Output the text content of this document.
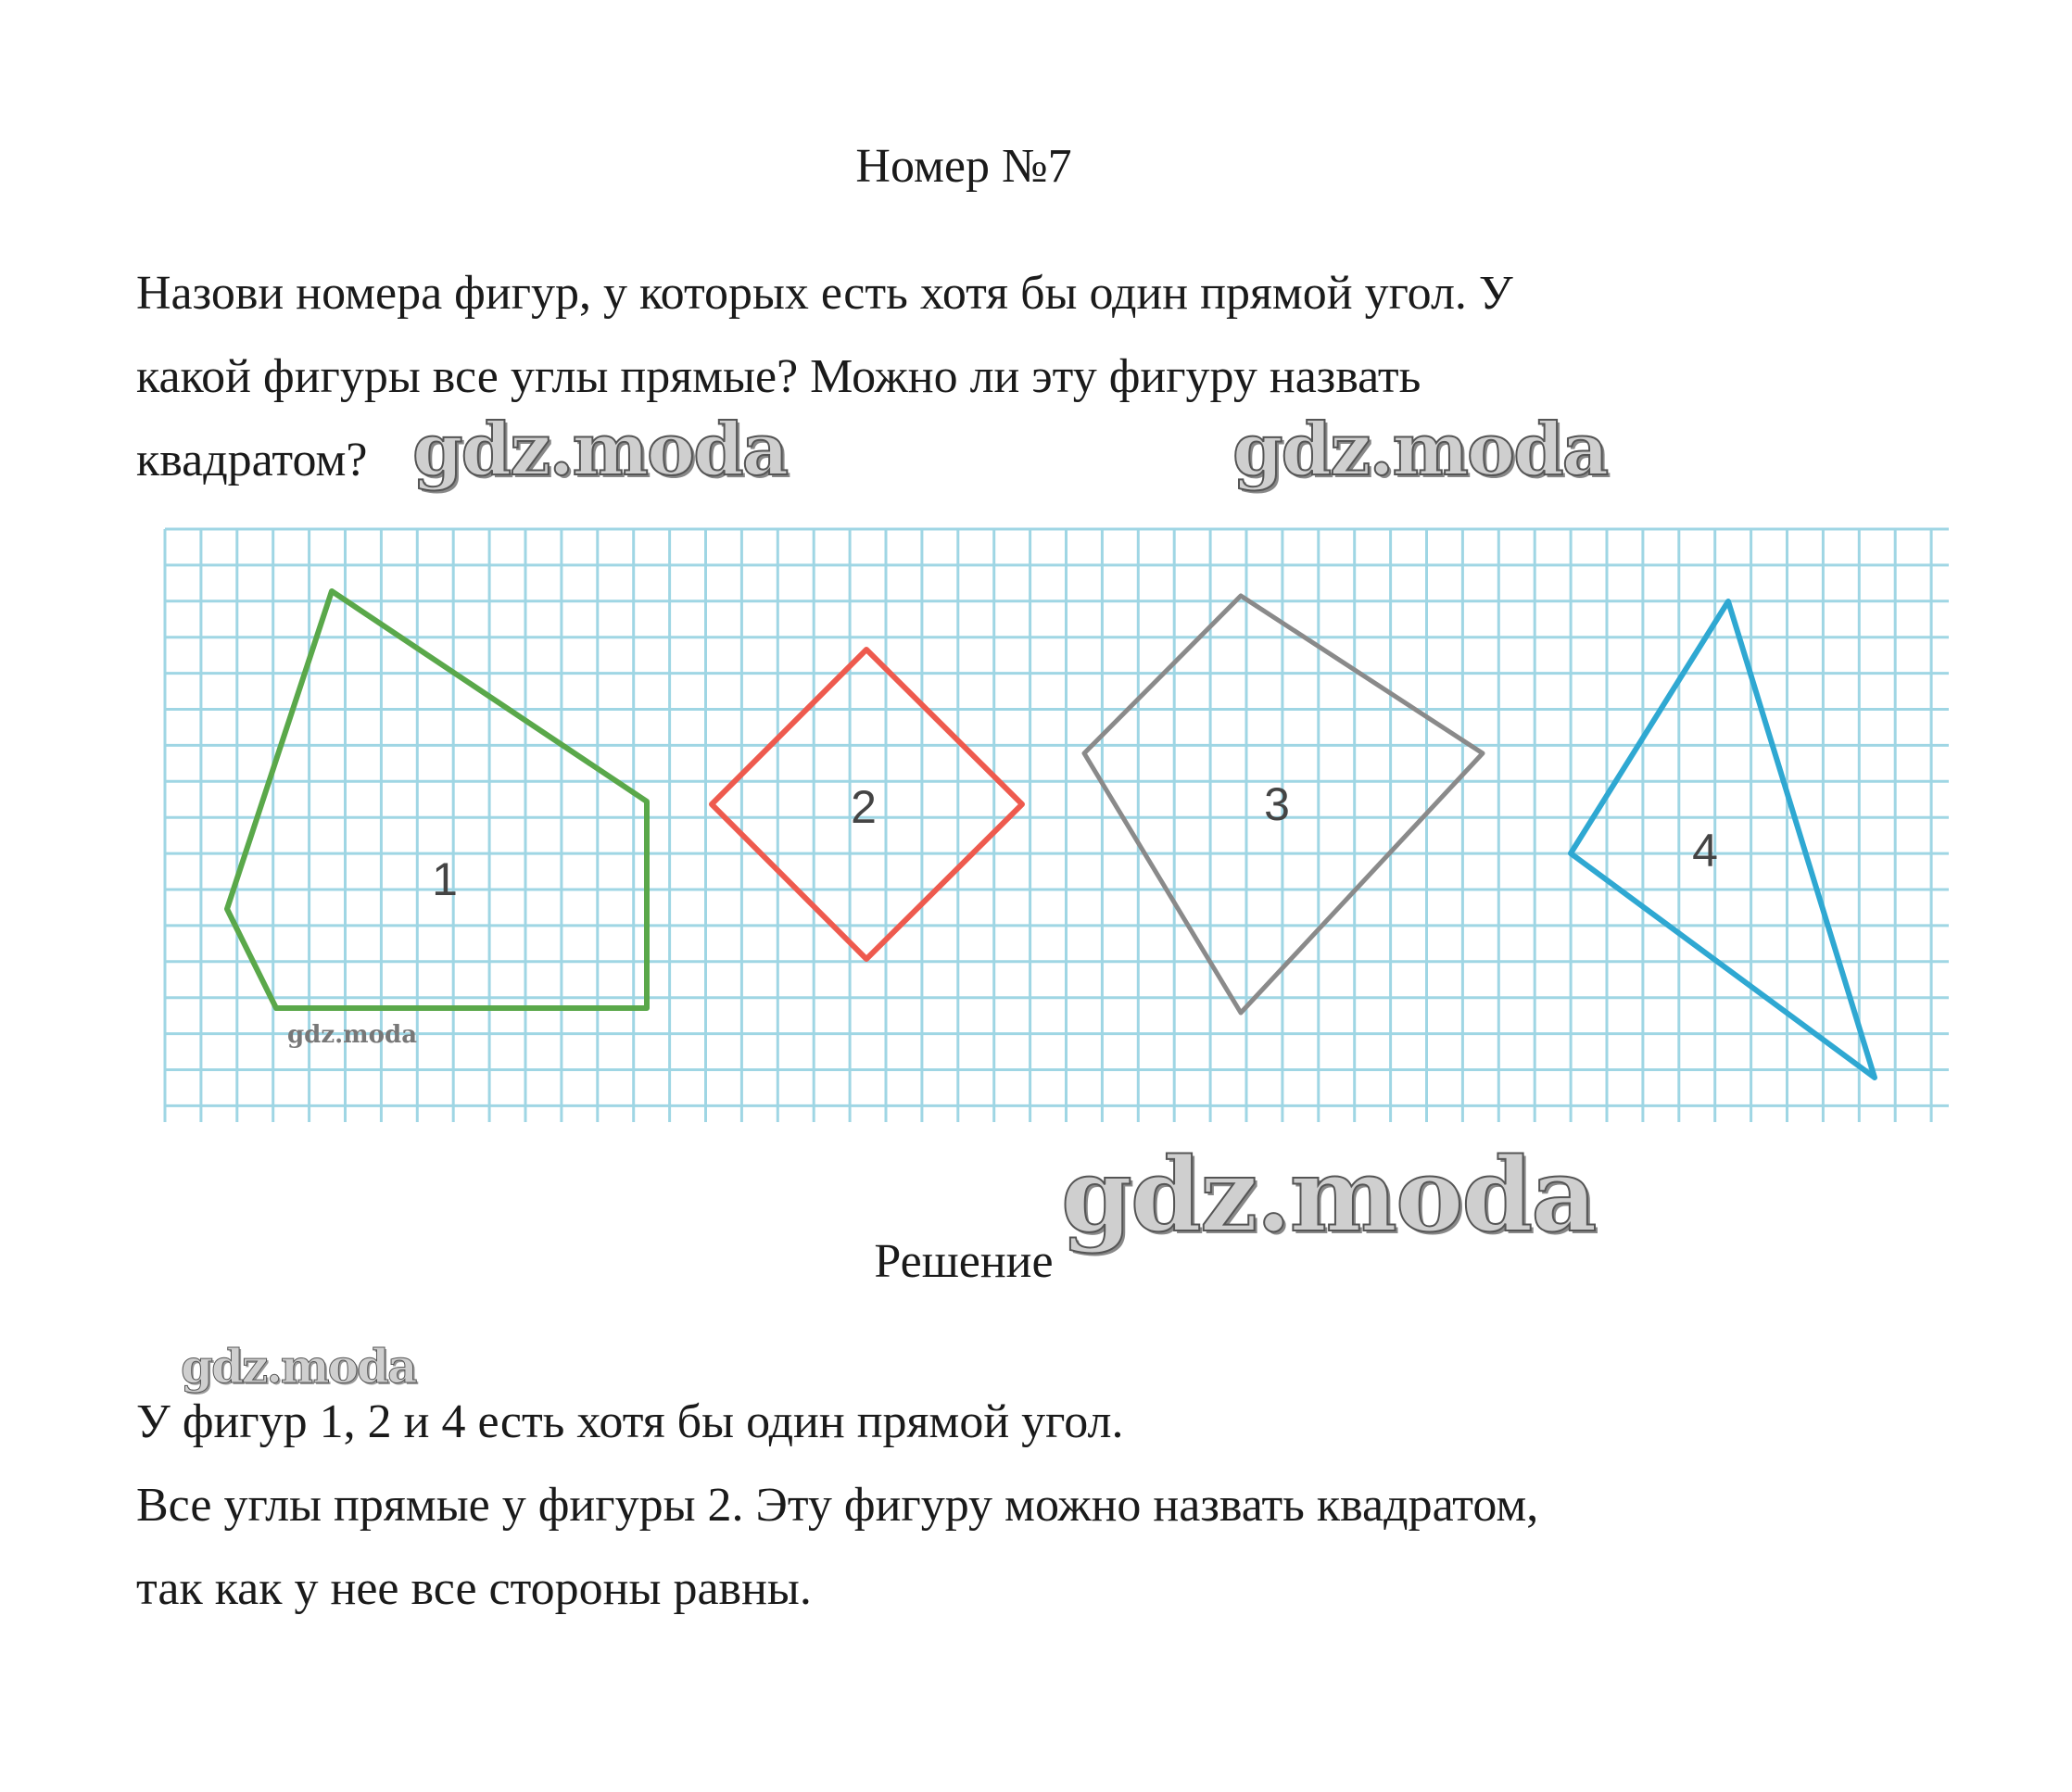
Номер №7

Назови номера фигур, у которых есть хотя бы один прямой угол. У
какой фигуры все углы прямые? Можно ли эту фигуру назвать
квадратом? gdz.moda	gdz.moda
1
2	3
4
gdz.moda
gdz.moda
Решение
gdz.moda

У фигур 1, 2 и 4 есть хотя бы один прямой угол.
Все углы прямые у фигуры 2. Эту фигуру можно назвать квадратом,
так как у нее все стороны равны.
